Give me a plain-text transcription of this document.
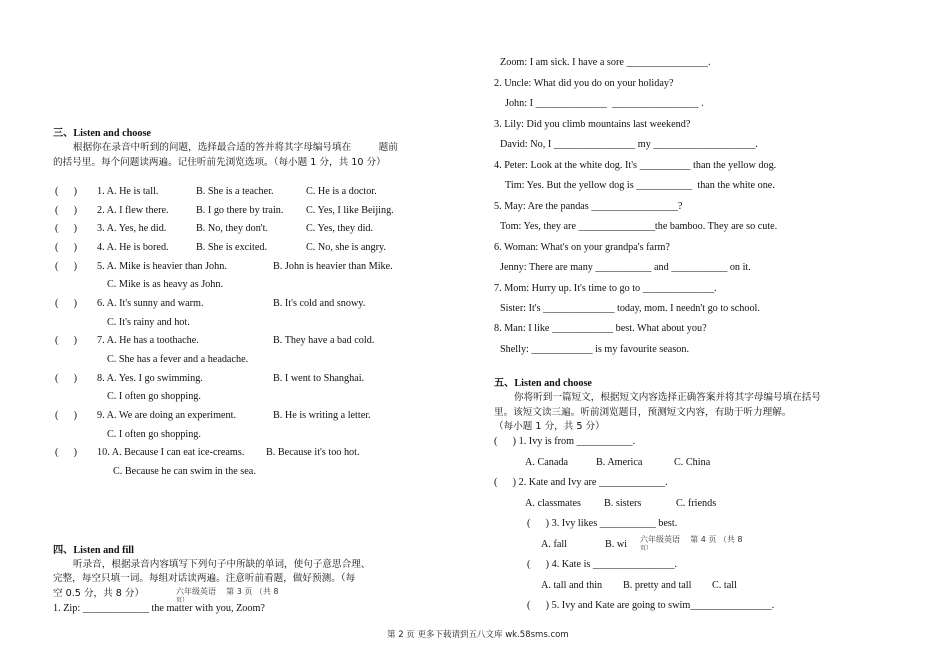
三、Listen and choose
根据你在录音中听到的问题，选择最合适的答并将其字母编号填在         题前
的括号里。每个问题读两遍。记住听前先浏览选项。（每小题 1 分，共 10 分）
(      ) 1. A. He is tall.	B. She is a teacher.	C. He is a doctor.
(      ) 2. A. I flew there.	B. I go there by train. C. Yes, I like Beijing.
(      ) 3. A. Yes, he did.	B. No, they don't.	C. Yes, they did.
(      ) 4. A. He is bored.	B. She is excited.	C. No, she is angry.
(      ) 5. A. Mike is heavier than John.	B. John is heavier than Mike.
C. Mike is as heavy as John.
(      ) 6. A. It's sunny and warm.	B. It's cold and snowy.
C. It's rainy and hot.
(      ) 7. A. He has a toothache.	B. They have a bad cold.
C. She has a fever and a headache.
(      ) 8. A. Yes. I go swimming.	B. I went to Shanghai.
C. I often go shopping.
(      ) 9. A. We are doing an experiment.	B. He is writing a letter.
C. I often go shopping.
(      ) 10. A. Because I can eat ice-creams. B. Because it's too hot.
C. Because he can swim in the sea.
四、Listen and fill
听录音，根据录音内容填写下列句子中所缺的单词，使句子意思合理、
完整，每空只填一词。每组对话读两遍。注意听前看题，做好预测。（每
空 0.5 分，共 8 分）
1. Zip: _____________ the matter with you, Zoom?
六年级英语    第 3 页 （共 8
页）
Zoom: I am sick. I have a sore ________________.
2. Uncle: What did you do on your holiday?
John: I ______________  _________________ .
3. Lily: Did you climb mountains last weekend?
David: No, I ________________ my ____________________.
4. Peter: Look at the white dog. It's __________ than the yellow dog.
Tim: Yes. But the yellow dog is ___________  than the white one.
5. May: Are the pandas _________________?
Tom: Yes, they are _______________the bamboo. They are so cute.
6. Woman: What's on your grandpa's farm?
Jenny: There are many ___________ and ___________ on it.
7. Mom: Hurry up. It's time to go to ______________.
Sister: It's ______________ today, mom. I needn't go to school.
8. Man: I like ____________ best. What about you?
Shelly: ____________ is my favourite season.
五、Listen and choose
你将听到一篇短文，根据短文内容选择正确答案并将其字母编号填在括号
里。该短文读三遍。听前浏览题目，预测短文内容，有助于听力理解。
（每小题 1 分，共 5 分）
(      ) 1. Ivy is from ___________.
A. Canada	B. America	C. China
(      ) 2. Kate and Ivy are _____________.
A. classmates B. sisters	C. friends
(      ) 3. Ivy likes ___________ best.
A. fall	B. wi 六年级英语    第 4 页 （共 8
页）
(      ) 4. Kate is ________________.
A. tall and thin B. pretty and tall C. tall
(      ) 5. Ivy and Kate are going to swim________________.
第 2 页 更多下载请到五八文库 wk.58sms.com
